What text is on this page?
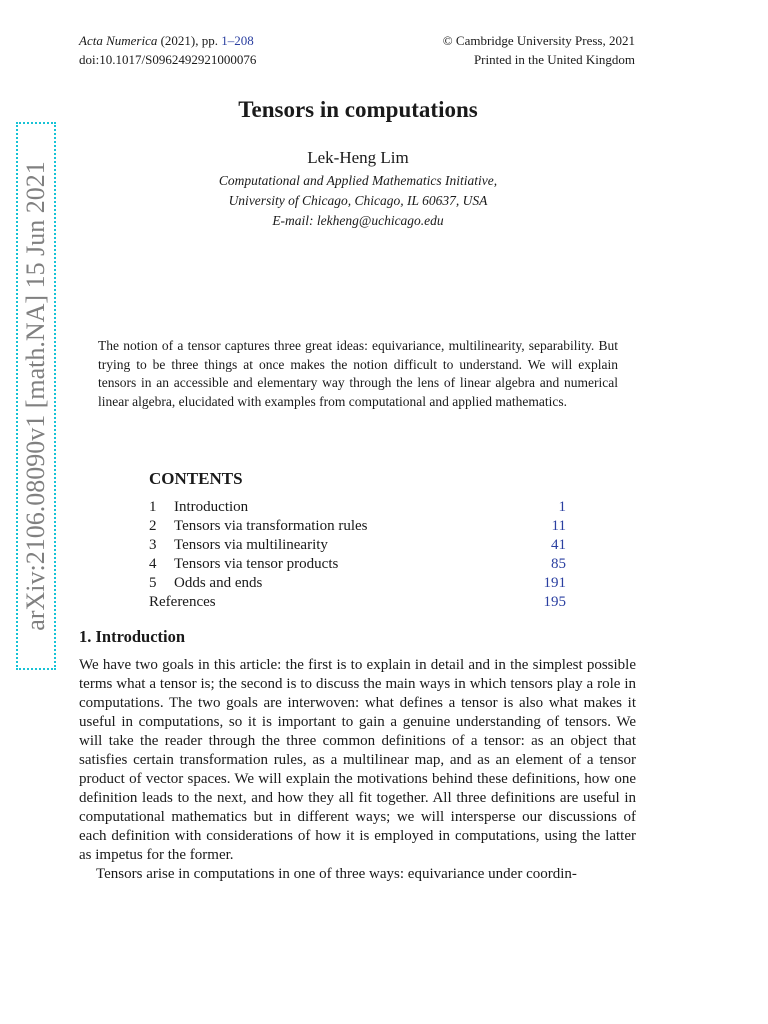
Acta Numerica (2021), pp. 1–208
doi:10.1017/S0962492921000076
© Cambridge University Press, 2021
Printed in the United Kingdom
arXiv:2106.08090v1 [math.NA] 15 Jun 2021
Tensors in computations
Lek-Heng Lim
Computational and Applied Mathematics Initiative,
University of Chicago, Chicago, IL 60637, USA
E-mail: lekheng@uchicago.edu
The notion of a tensor captures three great ideas: equivariance, multilinearity, separability. But trying to be three things at once makes the notion difficult to understand. We will explain tensors in an accessible and elementary way through the lens of linear algebra and numerical linear algebra, elucidated with examples from computational and applied mathematics.
CONTENTS
1	Introduction	1
2	Tensors via transformation rules	11
3	Tensors via multilinearity	41
4	Tensors via tensor products	85
5	Odds and ends	191
References	195
1. Introduction

We have two goals in this article: the first is to explain in detail and in the simplest possible terms what a tensor is; the second is to discuss the main ways in which tensors play a role in computations. The two goals are interwoven: what defines a tensor is also what makes it useful in computations, so it is important to gain a genuine understanding of tensors. We will take the reader through the three common definitions of a tensor: as an object that satisfies certain transformation rules, as a multilinear map, and as an element of a tensor product of vector spaces. We will explain the motivations behind these definitions, how one definition leads to the next, and how they all fit together. All three definitions are useful in computational mathematics but in different ways; we will intersperse our discussions of each definition with considerations of how it is employed in computations, using the latter as impetus for the former.

Tensors arise in computations in one of three ways: equivariance under coordin-
